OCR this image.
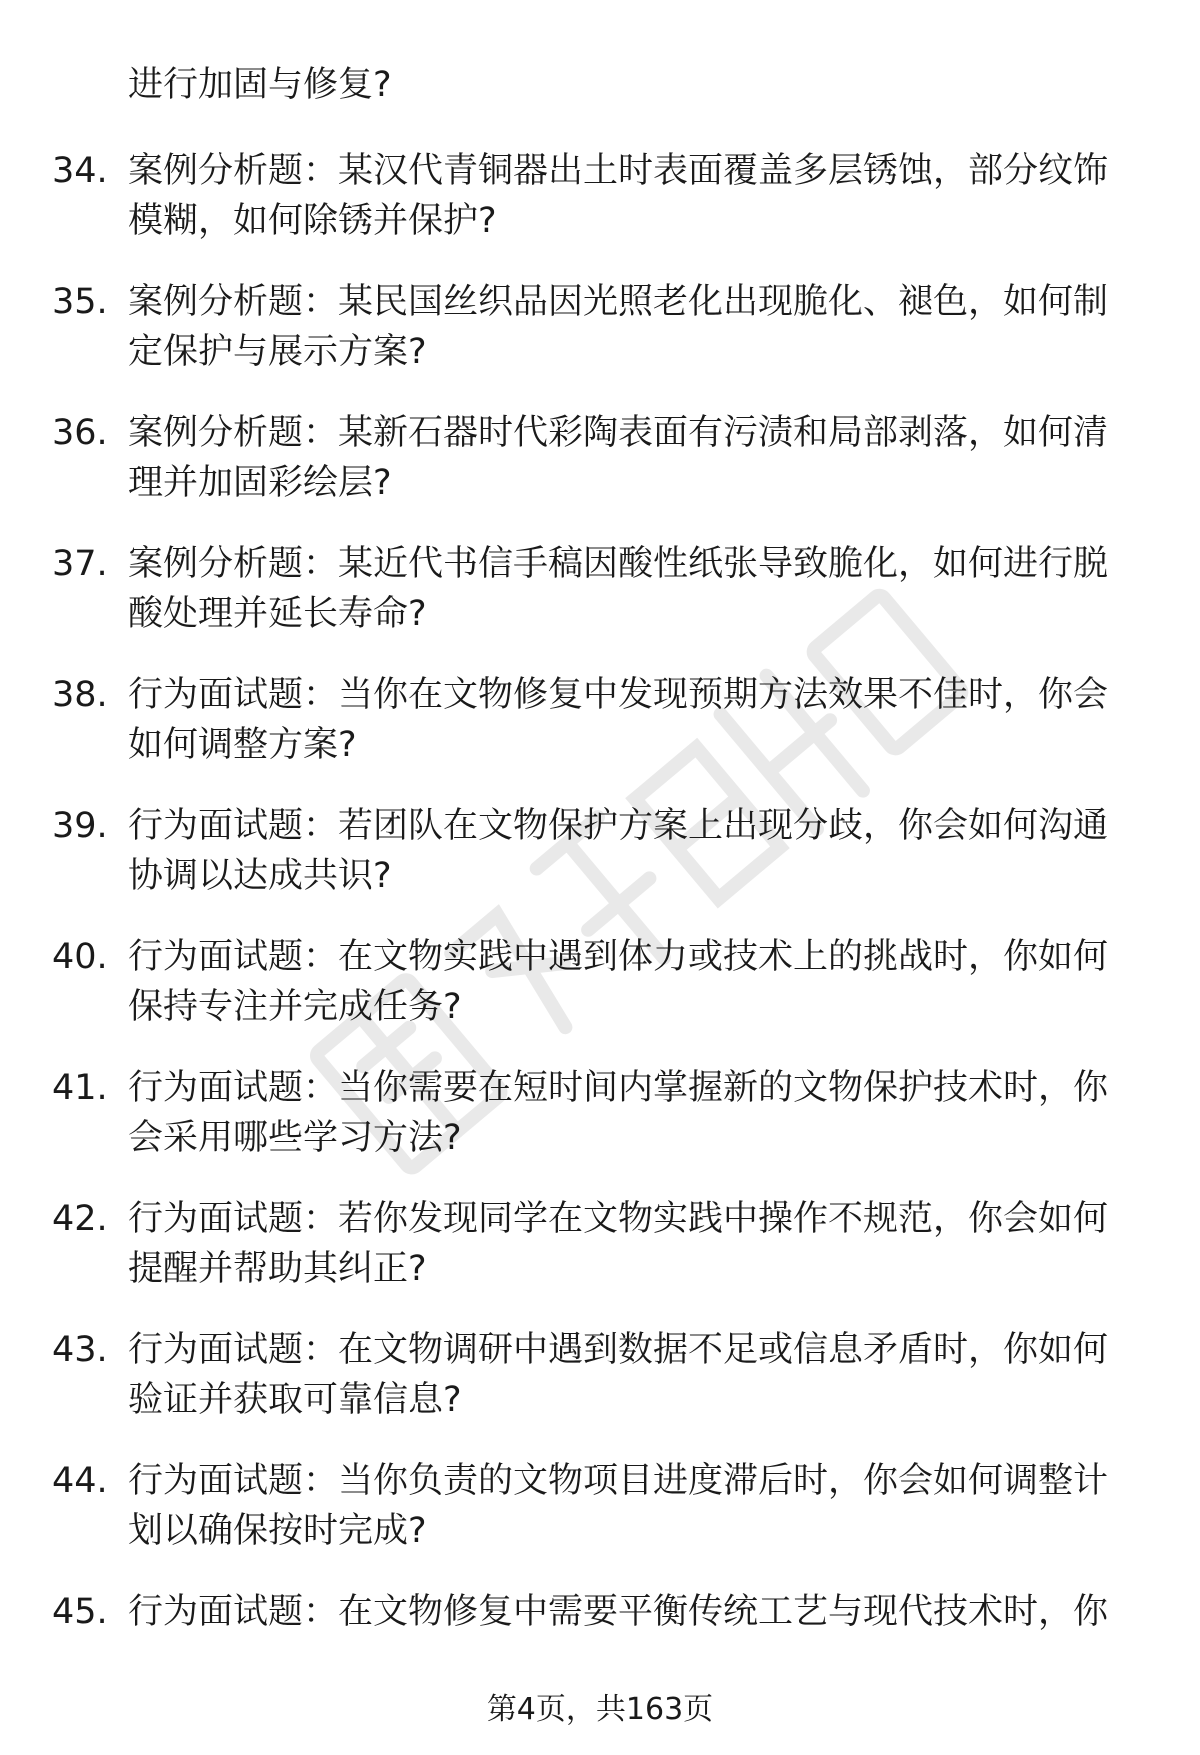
进行加固与修复?
34. 案例分析题：某汉代青铜器出土时表面覆盖多层锈蚀，部分纹饰
模糊，如何除锈并保护?
35. 案例分析题：某民国丝织品因光照老化出现脆化、褪色，如何制
定保护与展示方案?
36. 案例分析题：某新石器时代彩陶表面有污渍和局部剥落，如何清
理并加固彩绘层?
37. 案例分析题：某近代书信手稿因酸性纸张导致脆化，如何进行脱
酸处理并延长寿命?
38. 行为面试题：当你在文物修复中发现预期方法效果不佳时，你会
如何调整方案?
39. 行为面试题：若团队在文物保护方案上出现分歧，你会如何沟通
协调以达成共识?
40. 行为面试题：在文物实践中遇到体力或技术上的挑战时，你如何
保持专注并完成任务?
41. 行为面试题：当你需要在短时间内掌握新的文物保护技术时，你
会采用哪些学习方法?
42. 行为面试题：若你发现同学在文物实践中操作不规范，你会如何
提醒并帮助其纠正?
43. 行为面试题：在文物调研中遇到数据不足或信息矛盾时，你如何
验证并获取可靠信息?
44. 行为面试题：当你负责的文物项目进度滞后时，你会如何调整计
划以确保按时完成?
45. 行为面试题：在文物修复中需要平衡传统工艺与现代技术时，你
第4页，共163页
